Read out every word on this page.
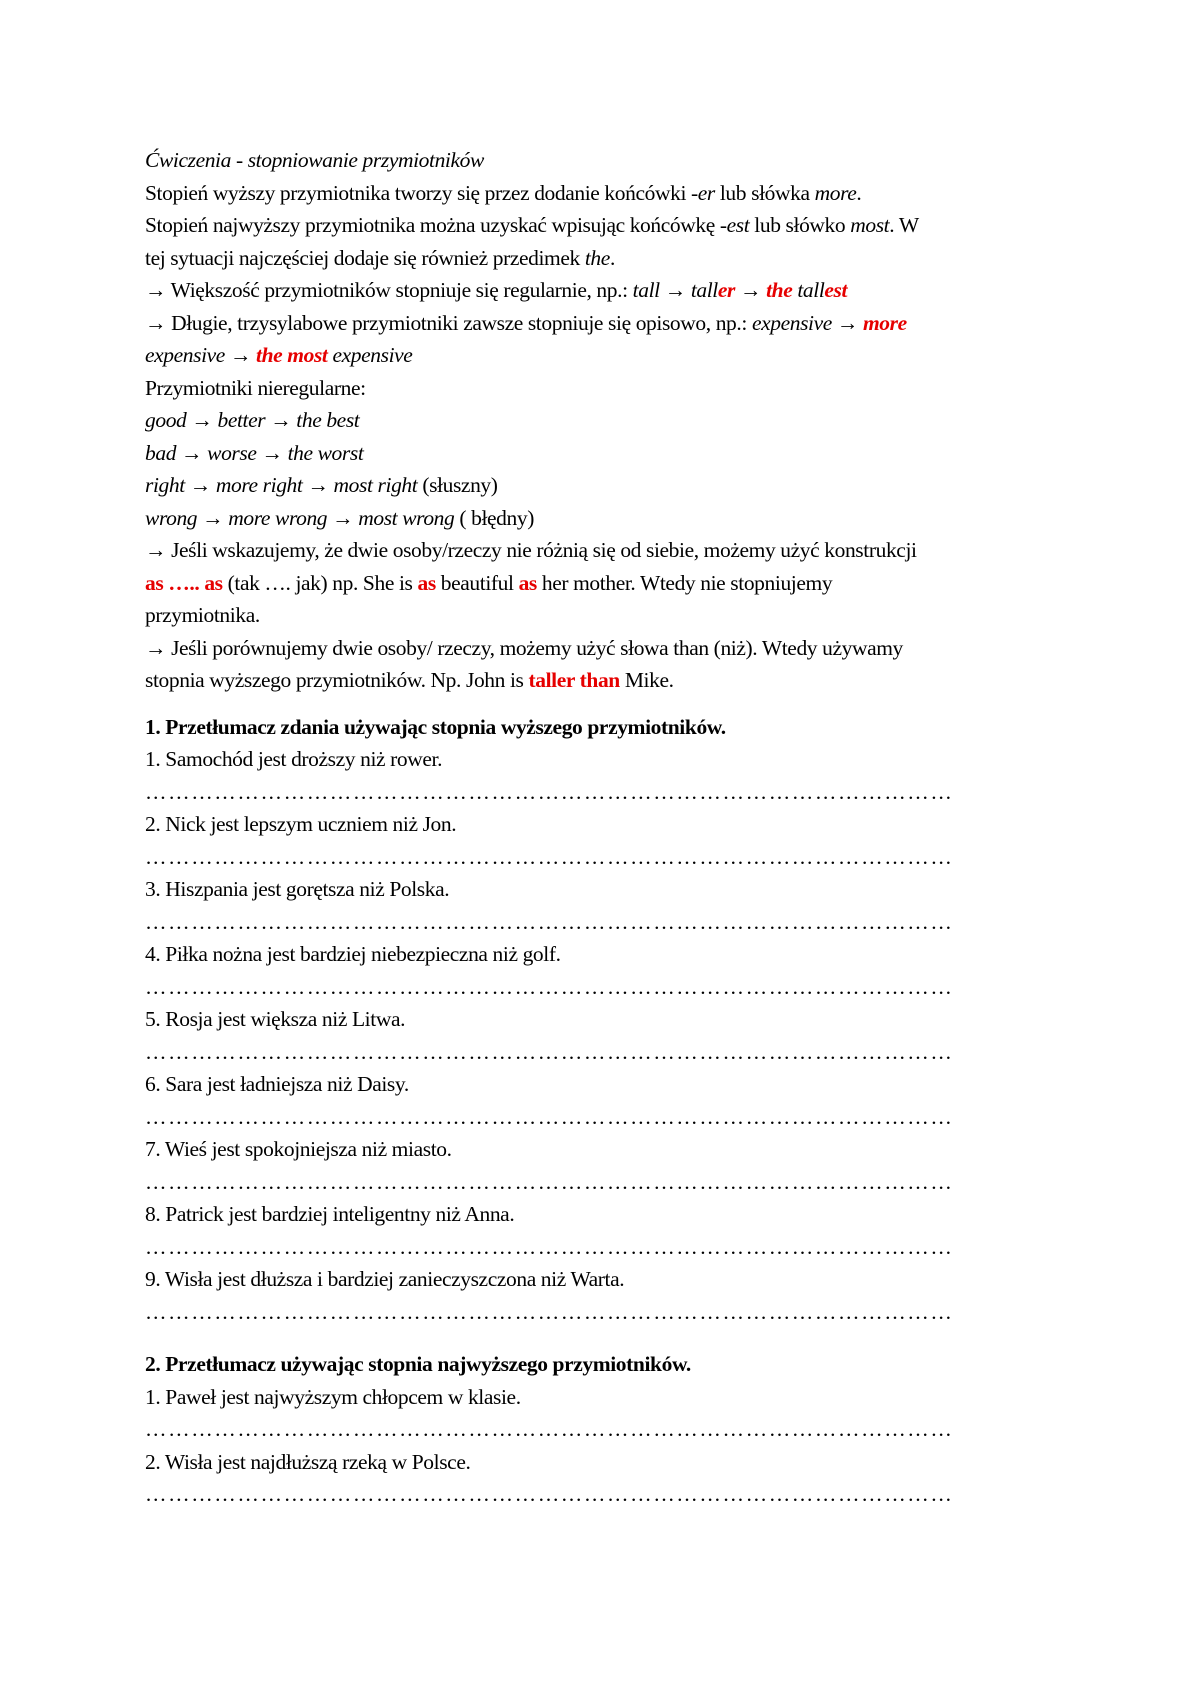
Ćwiczenia - stopniowanie przymiotników
Stopień wyższy przymiotnika tworzy się przez dodanie końcówki -er lub słówka more.
Stopień najwyższy przymiotnika można uzyskać wpisując końcówkę -est lub słówko most. W
tej sytuacji najczęściej dodaje się również przedimek the.
→ Większość przymiotników stopniuje się regularnie, np.: tall → taller → the tallest
→ Długie, trzysylabowe przymiotniki zawsze stopniuje się opisowo, np.: expensive → more
expensive → the most expensive
Przymiotniki nieregularne:
good → better → the best
bad → worse → the worst
right → more right → most right (słuszny)
wrong → more wrong → most wrong ( błędny)
→ Jeśli wskazujemy, że dwie osoby/rzeczy nie różnią się od siebie, możemy użyć konstrukcji
as ….. as (tak …. jak) np. She is as beautiful as her mother. Wtedy nie stopniujemy
przymiotnika.
→ Jeśli porównujemy dwie osoby/ rzeczy, możemy użyć słowa than (niż). Wtedy używamy
stopnia wyższego przymiotników. Np. John is taller than Mike.
1. Przetłumacz zdania używając stopnia wyższego przymiotników.
1. Samochód jest droższy niż rower.
……………………………………………………………………………………………
2. Nick jest lepszym uczniem niż Jon.
……………………………………………………………………………………………
3. Hiszpania jest gorętsza niż Polska.
……………………………………………………………………………………………
4. Piłka nożna jest bardziej niebezpieczna niż golf.
……………………………………………………………………………………………
5. Rosja jest większa niż Litwa.
……………………………………………………………………………………………
6. Sara jest ładniejsza niż Daisy.
……………………………………………………………………………………………
7. Wieś jest spokojniejsza niż miasto.
……………………………………………………………………………………………
8. Patrick jest bardziej inteligentny niż Anna.
……………………………………………………………………………………………
9. Wisła jest dłuższa i bardziej zanieczyszczona niż Warta.
……………………………………………………………………………………………
2. Przetłumacz używając stopnia najwyższego przymiotników.
1. Paweł jest najwyższym chłopcem w klasie.
……………………………………………………………………………………………
2. Wisła jest najdłuższą rzeką w Polsce.
……………………………………………………………………………………………
